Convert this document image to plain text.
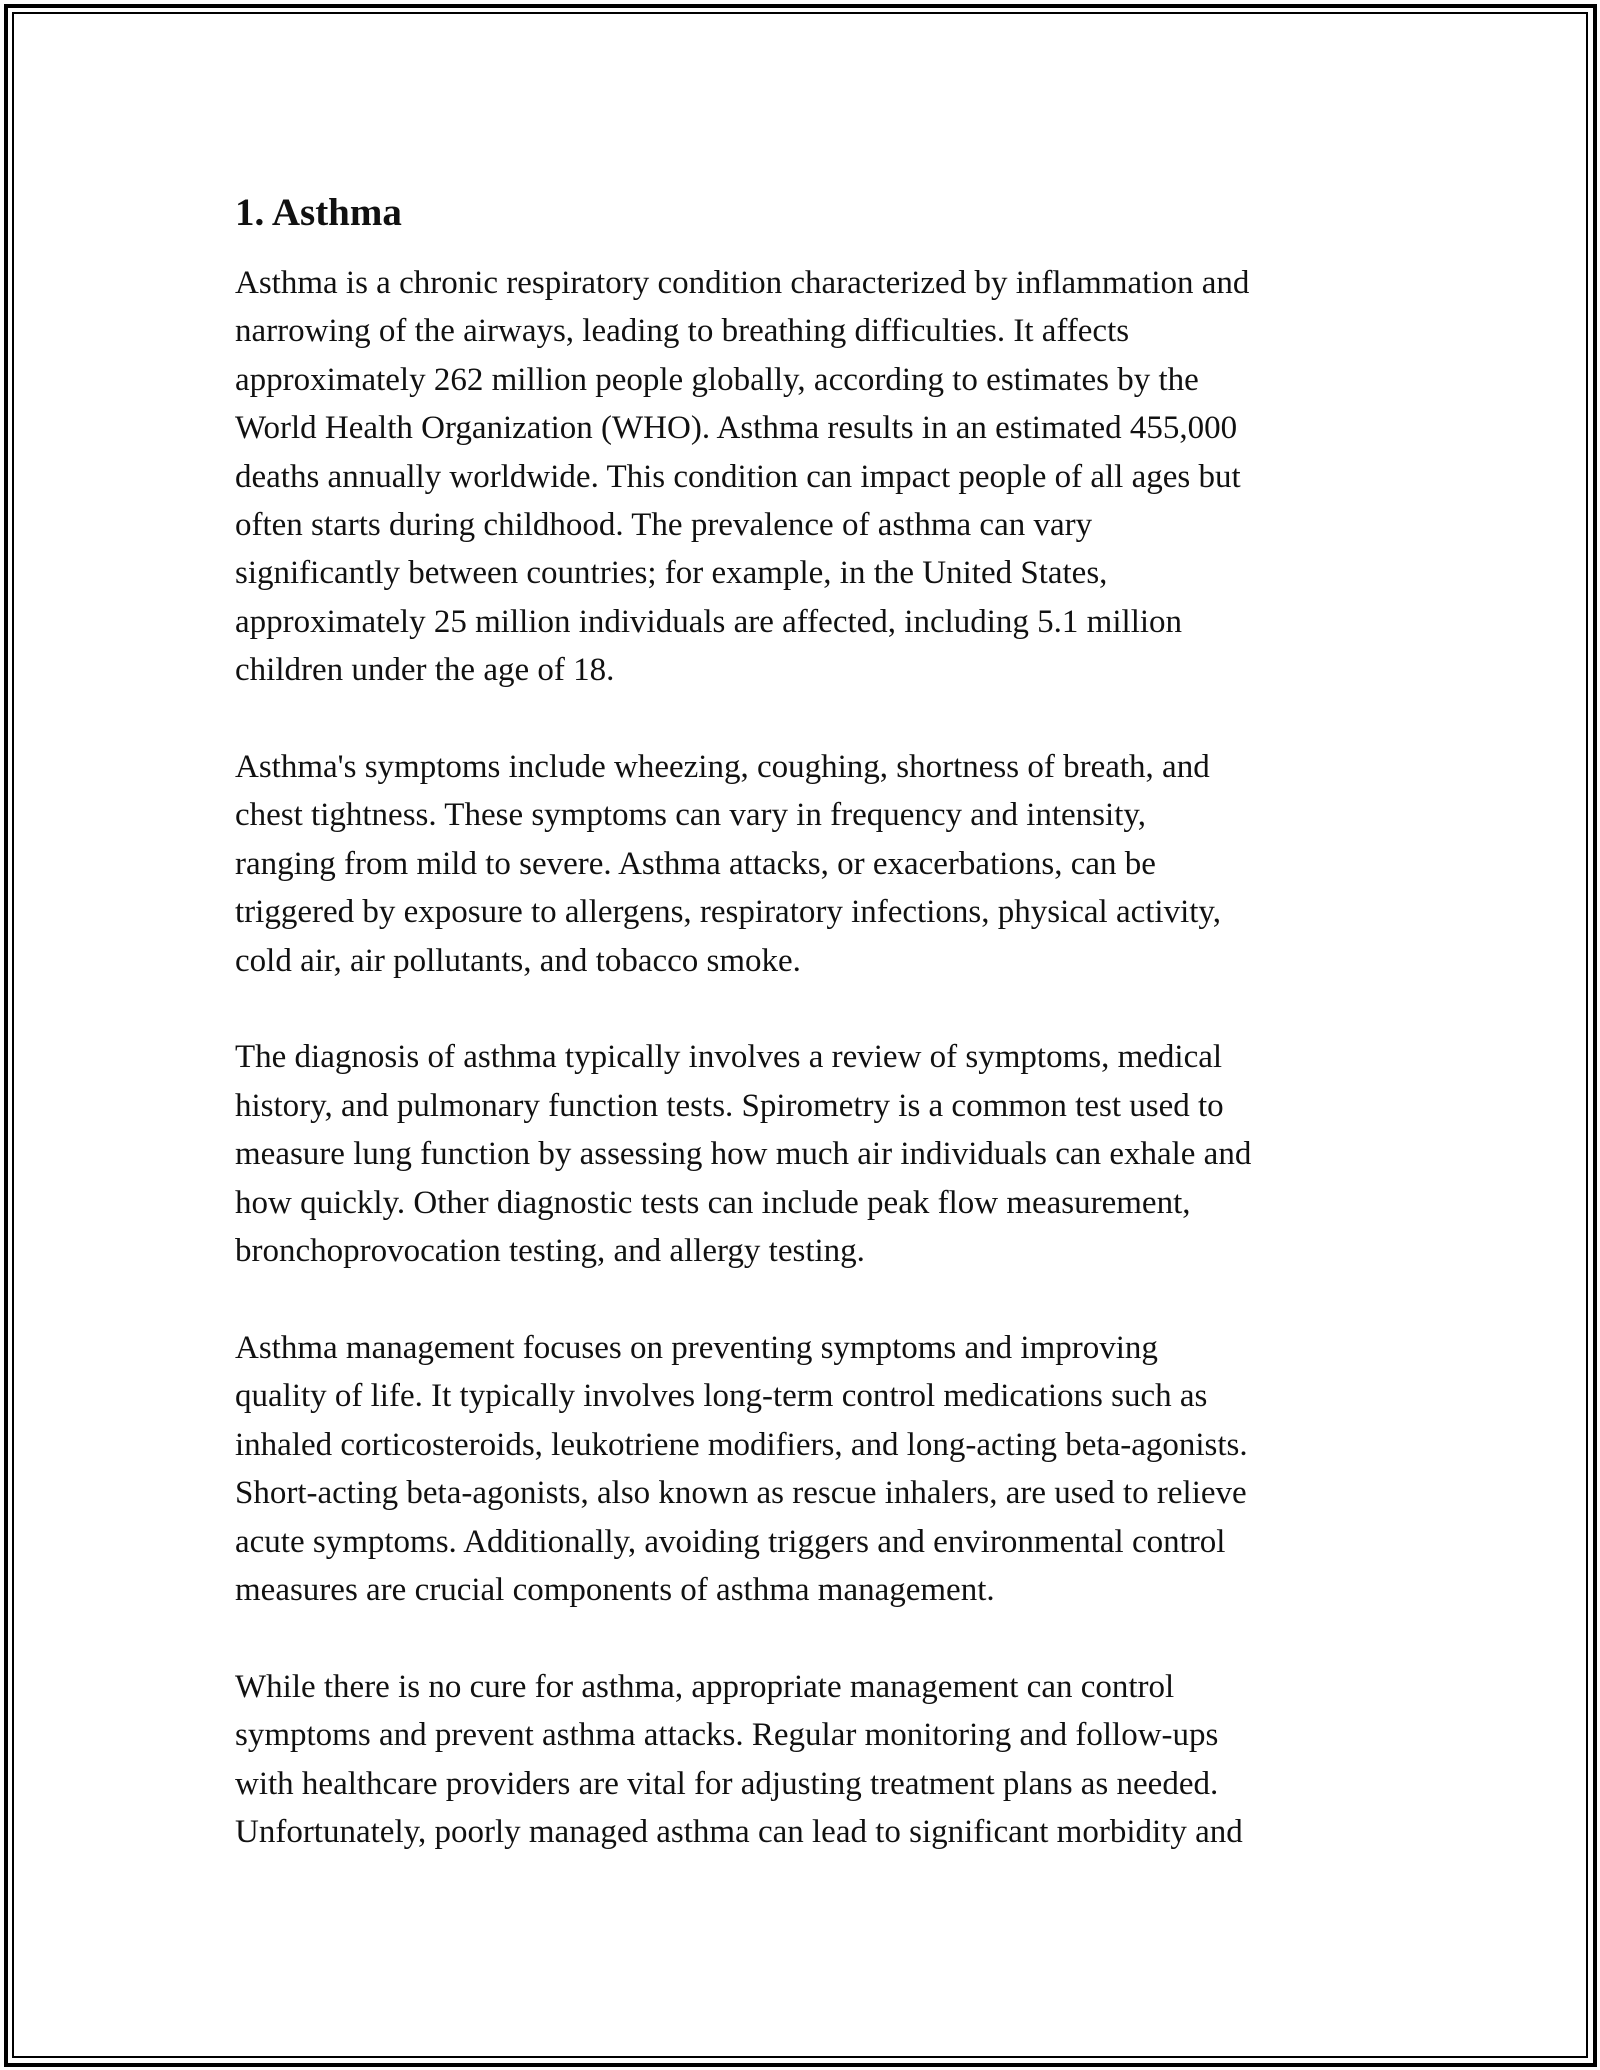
1. Asthma

Asthma is a chronic respiratory condition characterized by inflammation and
narrowing of the airways, leading to breathing difficulties. It affects
approximately 262 million people globally, according to estimates by the
World Health Organization (WHO). Asthma results in an estimated 455,000
deaths annually worldwide. This condition can impact people of all ages but
often starts during childhood. The prevalence of asthma can vary
significantly between countries; for example, in the United States,
approximately 25 million individuals are affected, including 5.1 million
children under the age of 18.

Asthma's symptoms include wheezing, coughing, shortness of breath, and
chest tightness. These symptoms can vary in frequency and intensity,
ranging from mild to severe. Asthma attacks, or exacerbations, can be
triggered by exposure to allergens, respiratory infections, physical activity,
cold air, air pollutants, and tobacco smoke.

The diagnosis of asthma typically involves a review of symptoms, medical
history, and pulmonary function tests. Spirometry is a common test used to
measure lung function by assessing how much air individuals can exhale and
how quickly. Other diagnostic tests can include peak flow measurement,
bronchoprovocation testing, and allergy testing.

Asthma management focuses on preventing symptoms and improving
quality of life. It typically involves long-term control medications such as
inhaled corticosteroids, leukotriene modifiers, and long-acting beta-agonists.
Short-acting beta-agonists, also known as rescue inhalers, are used to relieve
acute symptoms. Additionally, avoiding triggers and environmental control
measures are crucial components of asthma management.

While there is no cure for asthma, appropriate management can control
symptoms and prevent asthma attacks. Regular monitoring and follow-ups
with healthcare providers are vital for adjusting treatment plans as needed.
Unfortunately, poorly managed asthma can lead to significant morbidity and
